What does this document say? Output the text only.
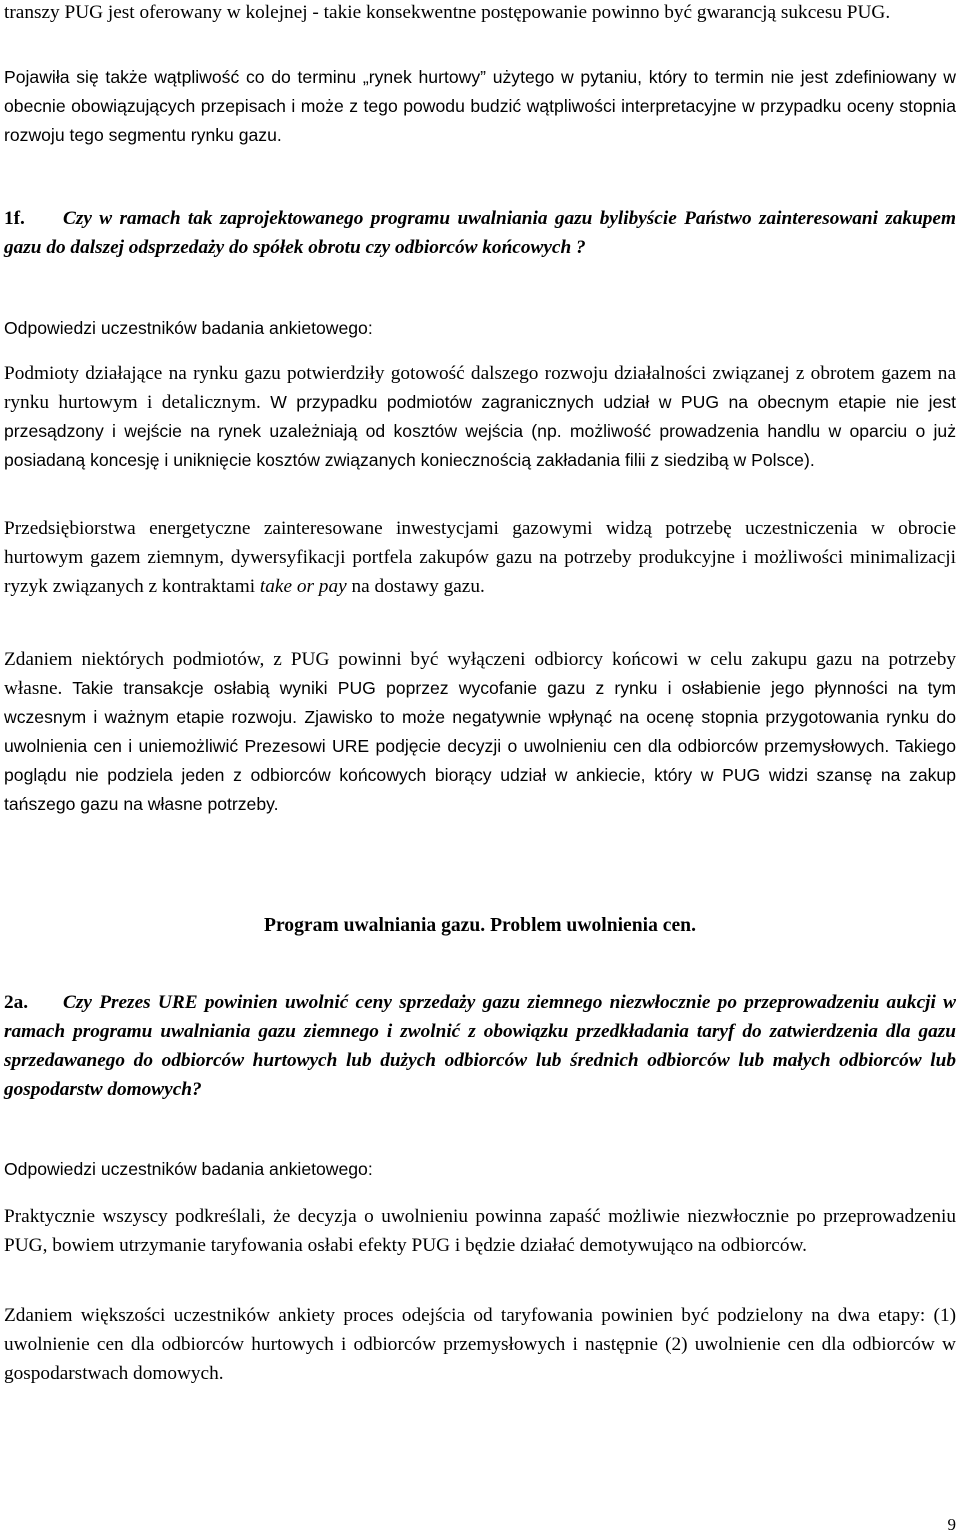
transzy PUG jest oferowany w kolejnej - takie konsekwentne postępowanie powinno być gwarancją sukcesu PUG.

Pojawiła się także wątpliwość co do terminu „rynek hurtowy” użytego w pytaniu, który to termin nie jest zdefiniowany w obecnie obowiązujących przepisach i może z tego powodu budzić wątpliwości interpretacyjne w przypadku oceny stopnia rozwoju tego segmentu rynku gazu.

1f. Czy w ramach tak zaprojektowanego programu uwalniania gazu bylibyście Państwo zainteresowani zakupem gazu do dalszej odsprzedaży do spółek obrotu czy odbiorców końcowych ?

Odpowiedzi uczestników badania ankietowego:

Podmioty działające na rynku gazu potwierdziły gotowość dalszego rozwoju działalności związanej z obrotem gazem na rynku hurtowym i detalicznym. W przypadku podmiotów zagranicznych udział w PUG na obecnym etapie nie jest przesądzony i wejście na rynek uzależniają od kosztów wejścia (np. możliwość prowadzenia handlu w oparciu o już posiadaną koncesję i uniknięcie kosztów związanych koniecznością zakładania filii z siedzibą w Polsce).

Przedsiębiorstwa energetyczne zainteresowane inwestycjami gazowymi widzą potrzebę uczestniczenia w obrocie hurtowym gazem ziemnym, dywersyfikacji portfela zakupów gazu na potrzeby produkcyjne i możliwości minimalizacji ryzyk związanych z kontraktami take or pay na dostawy gazu.

Zdaniem niektórych podmiotów, z PUG powinni być wyłączeni odbiorcy końcowi w celu zakupu gazu na potrzeby własne. Takie transakcje osłabią wyniki PUG poprzez wycofanie gazu z rynku i osłabienie jego płynności na tym wczesnym i ważnym etapie rozwoju. Zjawisko to może negatywnie wpłynąć na ocenę stopnia przygotowania rynku do uwolnienia cen i uniemożliwić Prezesowi URE podjęcie decyzji o uwolnieniu cen dla odbiorców przemysłowych. Takiego poglądu nie podziela jeden z odbiorców końcowych biorący udział w ankiecie, który w PUG widzi szansę na zakup tańszego gazu na własne potrzeby.

Program uwalniania gazu. Problem uwolnienia cen.

2a. Czy Prezes URE powinien uwolnić ceny sprzedaży gazu ziemnego niezwłocznie po przeprowadzeniu aukcji w ramach programu uwalniania gazu ziemnego i zwolnić z obowiązku przedkładania taryf do zatwierdzenia dla gazu sprzedawanego do odbiorców hurtowych lub dużych odbiorców lub średnich odbiorców lub małych odbiorców lub gospodarstw domowych?

Odpowiedzi uczestników badania ankietowego:

Praktycznie wszyscy podkreślali, że decyzja o uwolnieniu powinna zapaść możliwie niezwłocznie po przeprowadzeniu PUG, bowiem utrzymanie taryfowania osłabi efekty PUG i będzie działać demotywująco na odbiorców.

Zdaniem większości uczestników ankiety proces odejścia od taryfowania powinien być podzielony na dwa etapy: (1) uwolnienie cen dla odbiorców hurtowych i odbiorców przemysłowych i następnie (2) uwolnienie cen dla odbiorców w gospodarstwach domowych.

9
